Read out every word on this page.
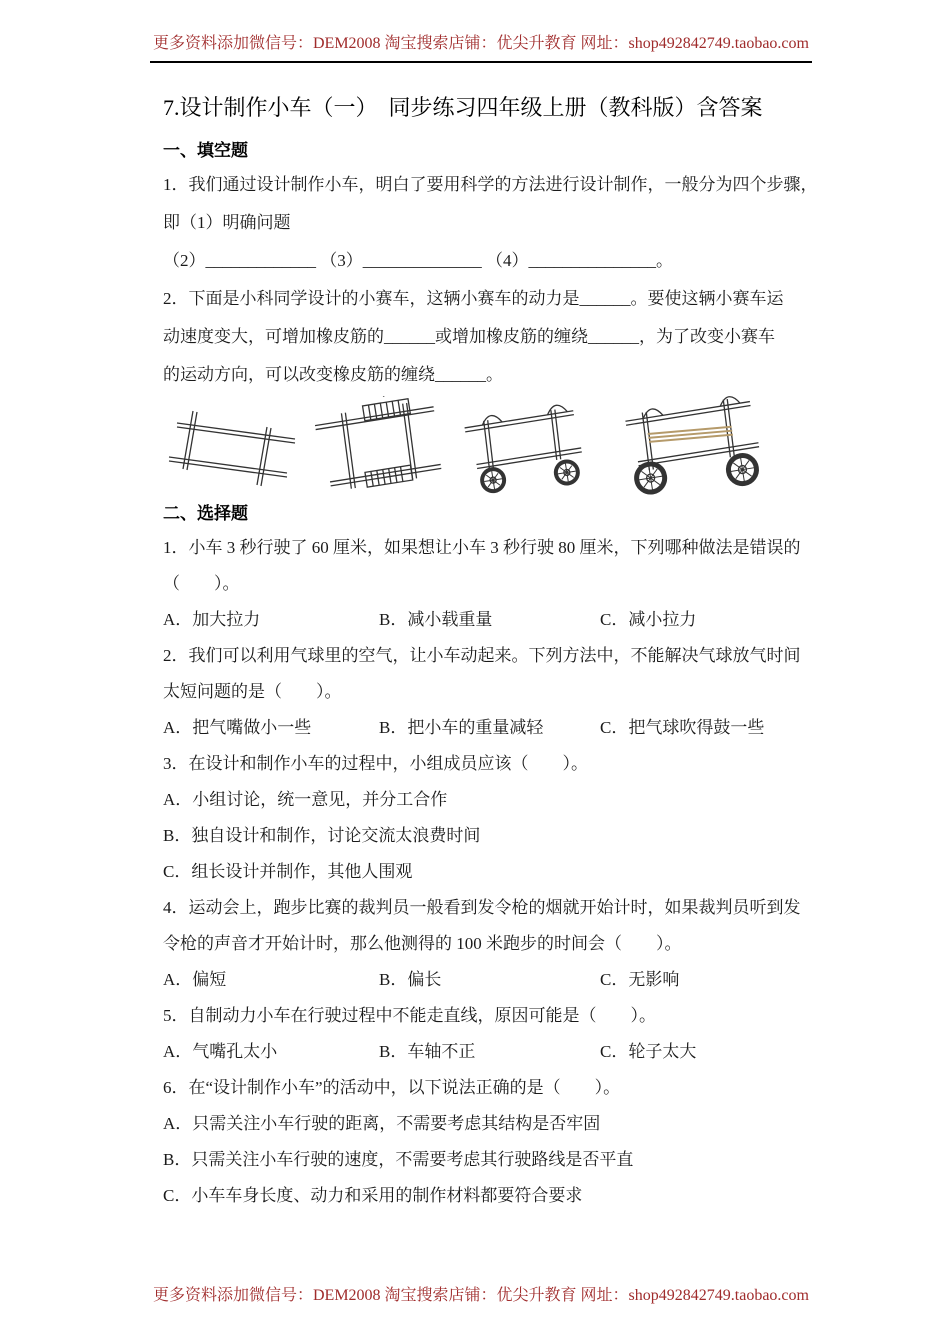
更多资料添加微信号：DEM2008 淘宝搜索店铺：优尖升教育 网址：shop492842749.taobao.com
7.设计制作小车（一）　同步练习四年级上册（教科版）含答案
一、填空题
1．我们通过设计制作小车，明白了要用科学的方法进行设计制作，一般分为四个步骤，
即（1）明确问题
（2）_____________ （3）______________ （4）_______________。
2．下面是小科同学设计的小赛车，这辆小赛车的动力是______。要使这辆小赛车运
动速度变大，可增加橡皮筋的______或增加橡皮筋的缠绕______，为了改变小赛车
的运动方向，可以改变橡皮筋的缠绕______。
二、选择题
1．小车 3 秒行驶了 60 厘米，如果想让小车 3 秒行驶 80 厘米，下列哪种做法是错误的
（　　）。
A．加大拉力	B．减小载重量	C．减小拉力
2．我们可以利用气球里的空气，让小车动起来。下列方法中，不能解决气球放气时间
太短问题的是（　　）。
A．把气嘴做小一些	B．把小车的重量减轻	C．把气球吹得鼓一些
3．在设计和制作小车的过程中，小组成员应该（　　）。
A．小组讨论，统一意见，并分工合作
B．独自设计和制作，讨论交流太浪费时间
C．组长设计并制作，其他人围观
4．运动会上，跑步比赛的裁判员一般看到发令枪的烟就开始计时，如果裁判员听到发
令枪的声音才开始计时，那么他测得的 100 米跑步的时间会（　　）。
A．偏短	B．偏长	C．无影响
5．自制动力小车在行驶过程中不能走直线，原因可能是（　　）。
A．气嘴孔太小	B．车轴不正	C．轮子太大
6．在“设计制作小车”的活动中，以下说法正确的是（　　）。
A．只需关注小车行驶的距离，不需要考虑其结构是否牢固
B．只需关注小车行驶的速度，不需要考虑其行驶路线是否平直
C．小车车身长度、动力和采用的制作材料都要符合要求
更多资料添加微信号：DEM2008 淘宝搜索店铺：优尖升教育 网址：shop492842749.taobao.com
